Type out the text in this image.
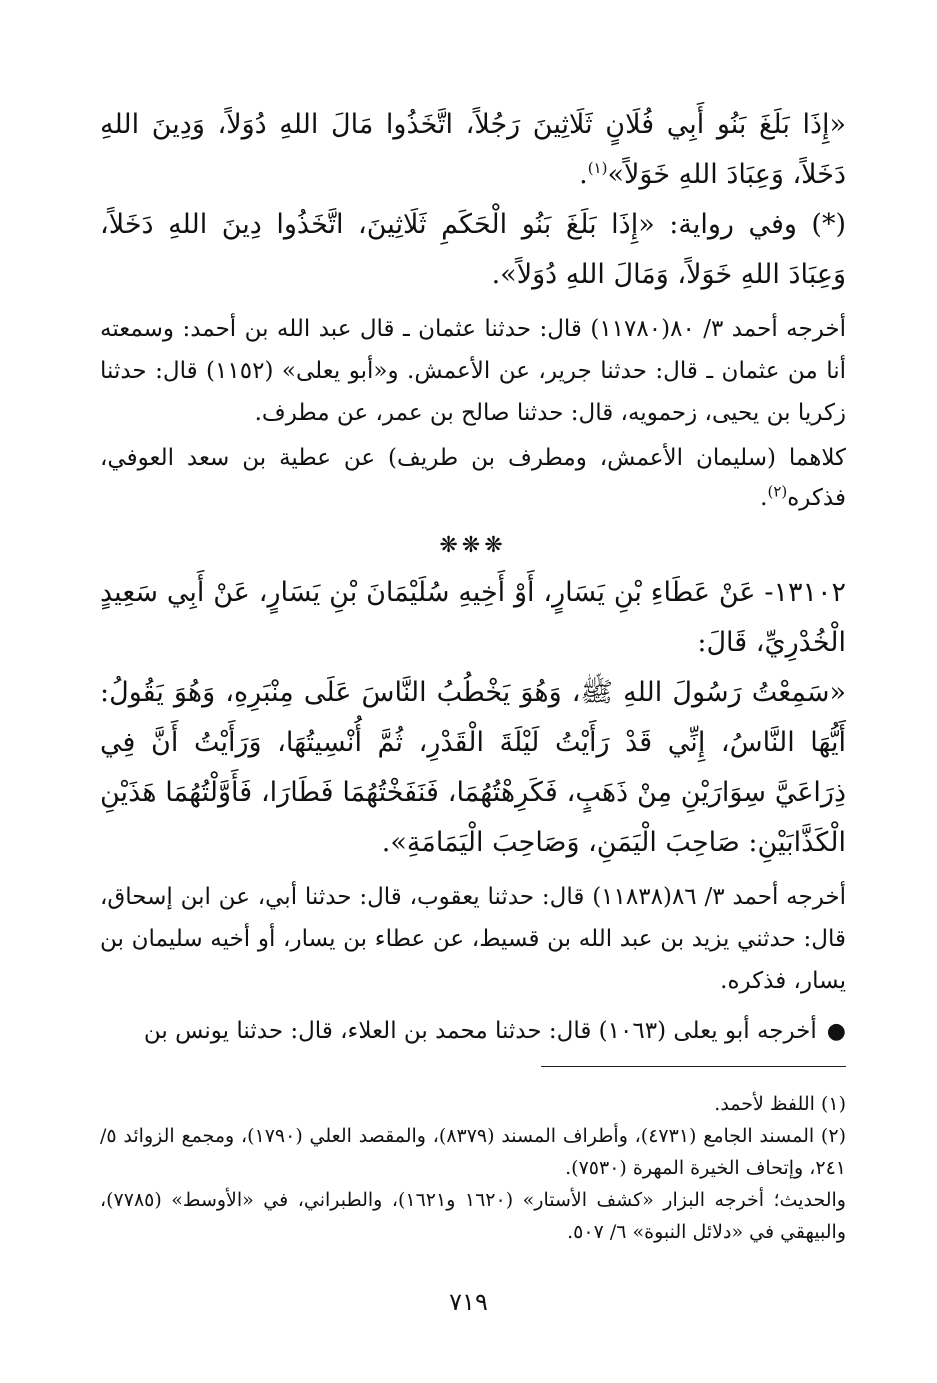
«إِذَا بَلَغَ بَنُو أَبِي فُلَانٍ ثَلَاثِينَ رَجُلاً، اتَّخَذُوا مَالَ اللهِ دُوَلاً، وَدِينَ اللهِ دَخَلاً، وَعِبَادَ اللهِ خَوَلاً»$^{(١)}$.

(*) وفي رواية: «إِذَا بَلَغَ بَنُو الْحَكَمِ ثَلَاثِينَ، اتَّخَذُوا دِينَ اللهِ دَخَلاً، وَعِبَادَ اللهِ خَوَلاً، وَمَالَ اللهِ دُوَلاً».

أخرجه أحمد ٣/ ٨٠(١١٧٨٠) قال: حدثنا عثمان ـ قال عبد الله بن أحمد: وسمعته أنا من عثمان ـ قال: حدثنا جرير، عن الأعمش. و«أبو يعلى» (١١٥٢) قال: حدثنا زكريا بن يحيى، زحمويه، قال: حدثنا صالح بن عمر، عن مطرف.

كلاهما (سليمان الأعمش، ومطرف بن طريف) عن عطية بن سعد العوفي، فذكره$^{(٢)}$.

❋❋❋

١٣١٠٢- عَنْ عَطَاءِ بْنِ يَسَارٍ، أَوْ أَخِيهِ سُلَيْمَانَ بْنِ يَسَارٍ، عَنْ أَبِي سَعِيدٍ الْخُدْرِيِّ، قَالَ:

«سَمِعْتُ رَسُولَ اللهِ ﷺ، وَهُوَ يَخْطُبُ النَّاسَ عَلَى مِنْبَرِهِ، وَهُوَ يَقُولُ: أَيُّهَا النَّاسُ، إِنِّي قَدْ رَأَيْتُ لَيْلَةَ الْقَدْرِ، ثُمَّ أُنْسِيتُهَا، وَرَأَيْتُ أَنَّ فِي ذِرَاعَيَّ سِوَارَيْنِ مِنْ ذَهَبٍ، فَكَرِهْتُهُمَا، فَنَفَخْتُهُمَا فَطَارَا، فَأَوَّلْتُهُمَا هَذَيْنِ الْكَذَّابَيْنِ: صَاحِبَ الْيَمَنِ، وَصَاحِبَ الْيَمَامَةِ».

أخرجه أحمد ٣/ ٨٦(١١٨٣٨) قال: حدثنا يعقوب، قال: حدثنا أبي، عن ابن إسحاق، قال: حدثني يزيد بن عبد الله بن قسيط، عن عطاء بن يسار، أو أخيه سليمان بن يسار، فذكره.

●أخرجه أبو يعلى (١٠٦٣) قال: حدثنا محمد بن العلاء، قال: حدثنا يونس بن

(١) اللفظ لأحمد.

(٢) المسند الجامع (٤٧٣١)، وأطراف المسند (٨٣٧٩)، والمقصد العلي (١٧٩٠)، ومجمع الزوائد ٥/ ٢٤١، وإتحاف الخيرة المهرة (٧٥٣٠).

والحديث؛ أخرجه البزار «كشف الأستار» (١٦٢٠ و١٦٢١)، والطبراني، في «الأوسط» (٧٧٨٥)، والبيهقي في «دلائل النبوة» ٦/ ٥٠٧.

٧١٩
